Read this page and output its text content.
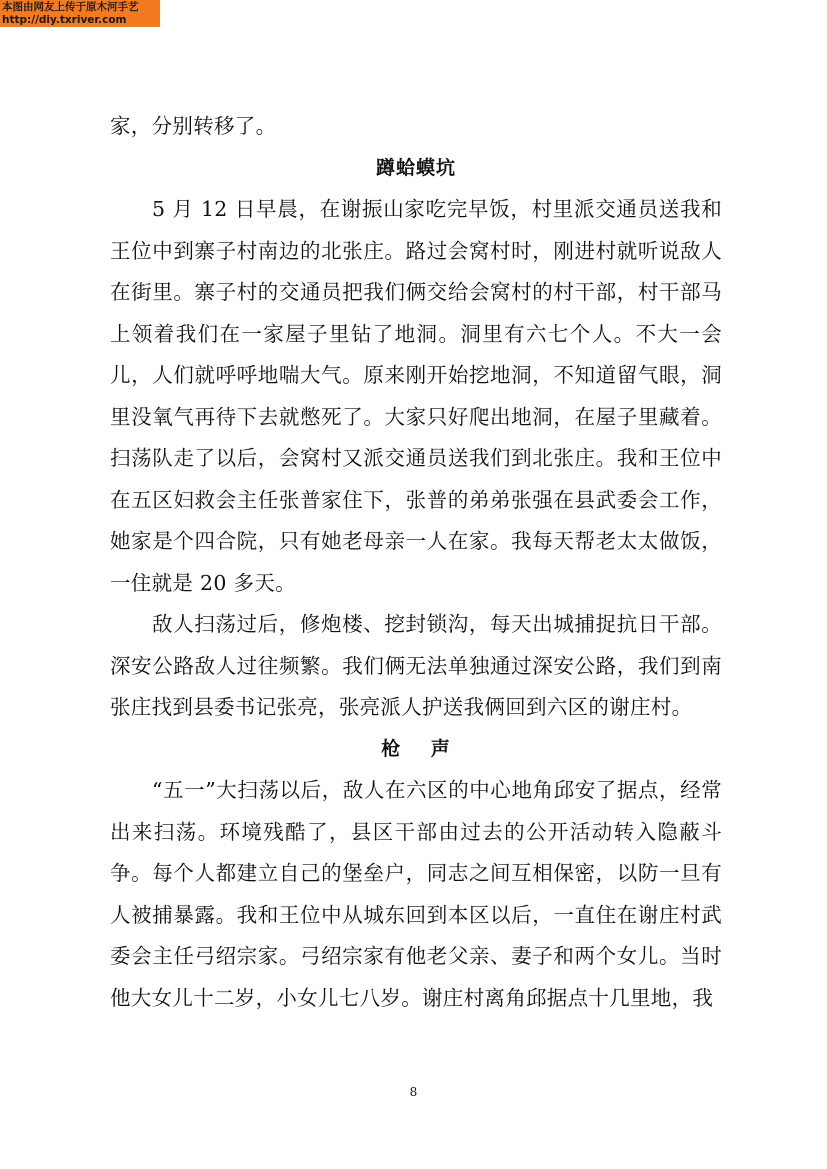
本图由网友上传于原木河手艺
http://diy.txriver.com

家，分别转移了。

蹲蛤蟆坑

5 月 12 日早晨，在谢振山家吃完早饭，村里派交通员送我和王位中到寨子村南边的北张庄。路过会窝村时，刚进村就听说敌人在街里。寨子村的交通员把我们俩交给会窝村的村干部，村干部马上领着我们在一家屋子里钻了地洞。洞里有六七个人。不大一会儿，人们就呼呼地喘大气。原来刚开始挖地洞，不知道留气眼，洞里没氧气再待下去就憋死了。大家只好爬出地洞，在屋子里藏着。扫荡队走了以后，会窝村又派交通员送我们到北张庄。我和王位中在五区妇救会主任张普家住下，张普的弟弟张强在县武委会工作，她家是个四合院，只有她老母亲一人在家。我每天帮老太太做饭，一住就是 20 多天。

敌人扫荡过后，修炮楼、挖封锁沟，每天出城捕捉抗日干部。深安公路敌人过往频繁。我们俩无法单独通过深安公路，我们到南张庄找到县委书记张亮，张亮派人护送我俩回到六区的谢庄村。

枪 声

“五一”大扫荡以后，敌人在六区的中心地角邱安了据点，经常出来扫荡。环境残酷了，县区干部由过去的公开活动转入隐蔽斗争。每个人都建立自己的堡垒户，同志之间互相保密，以防一旦有人被捕暴露。我和王位中从城东回到本区以后，一直住在谢庄村武委会主任弓绍宗家。弓绍宗家有他老父亲、妻子和两个女儿。当时他大女儿十二岁，小女儿七八岁。谢庄村离角邱据点十几里地，我

8
